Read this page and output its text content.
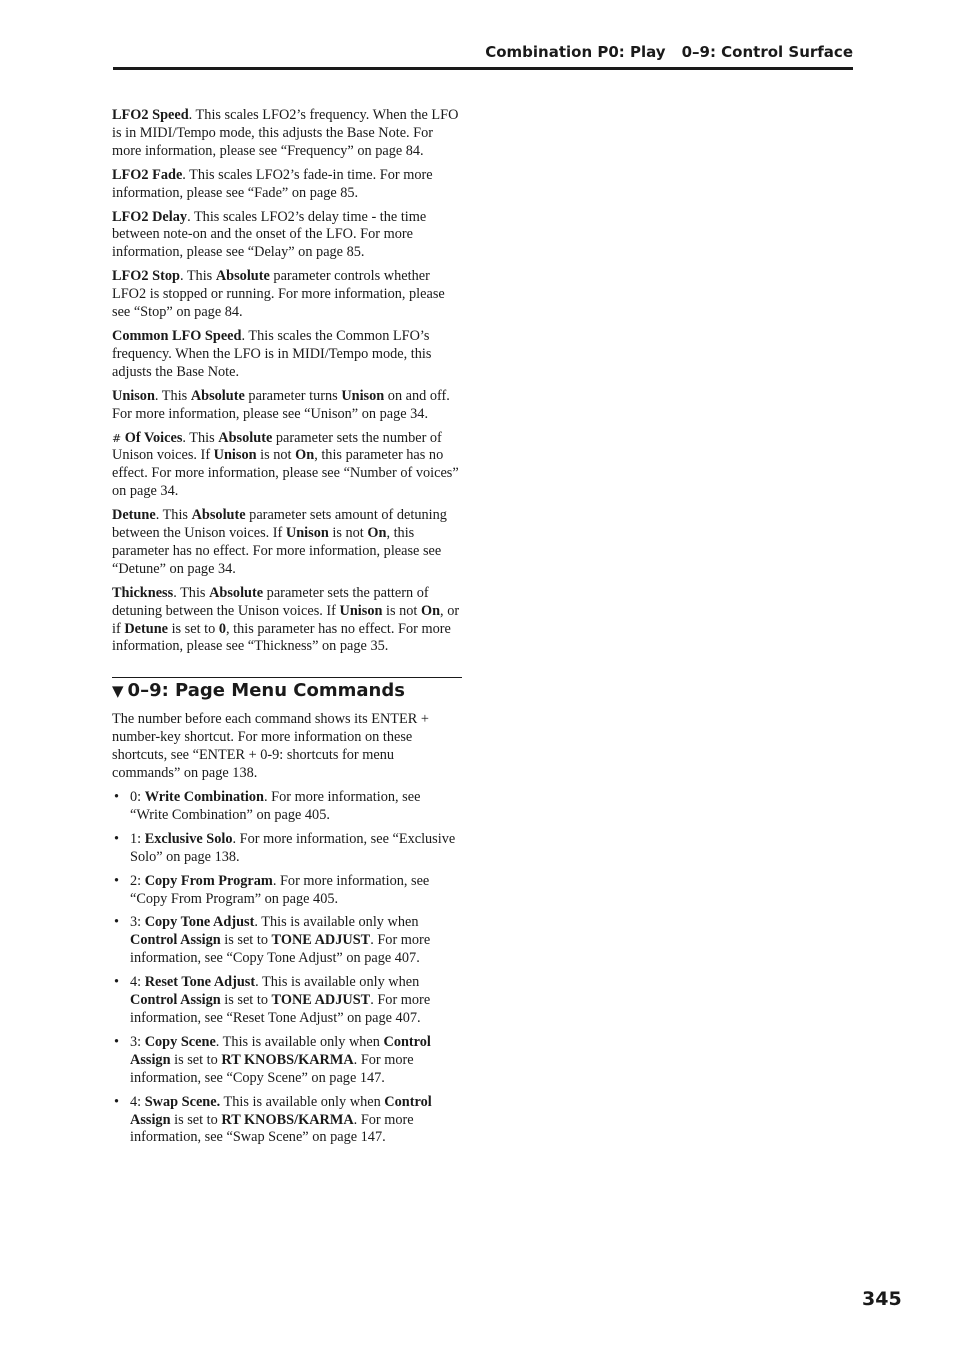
Combination P0: Play 0–9: Control Surface

LFO2 Speed. This scales LFO2’s frequency. When the LFO is in MIDI/Tempo mode, this adjusts the Base Note. For more information, please see “Frequency” on page 84.

LFO2 Fade. This scales LFO2’s fade-in time. For more information, please see “Fade” on page 85.

LFO2 Delay. This scales LFO2’s delay time - the time between note-on and the onset of the LFO. For more information, please see “Delay” on page 85.

LFO2 Stop. This Absolute parameter controls whether LFO2 is stopped or running. For more information, please see “Stop” on page 84.

Common LFO Speed. This scales the Common LFO’s frequency. When the LFO is in MIDI/Tempo mode, this adjusts the Base Note.

Unison. This Absolute parameter turns Unison on and off. For more information, please see “Unison” on page 34.

# Of Voices. This Absolute parameter sets the number of Unison voices. If Unison is not On, this parameter has no effect. For more information, please see “Number of voices” on page 34.

Detune. This Absolute parameter sets amount of detuning between the Unison voices. If Unison is not On, this parameter has no effect. For more information, please see “Detune” on page 34.

Thickness. This Absolute parameter sets the pattern of detuning between the Unison voices. If Unison is not On, or if Detune is set to 0, this parameter has no effect. For more information, please see “Thickness” on page 35.

▼ 0–9: Page Menu Commands

The number before each command shows its ENTER + number-key shortcut. For more information on these shortcuts, see “ENTER + 0-9: shortcuts for menu commands” on page 138.

• 0: Write Combination. For more information, see “Write Combination” on page 405.
• 1: Exclusive Solo. For more information, see “Exclusive Solo” on page 138.
• 2: Copy From Program. For more information, see “Copy From Program” on page 405.
• 3: Copy Tone Adjust. This is available only when Control Assign is set to TONE ADJUST. For more information, see “Copy Tone Adjust” on page 407.
• 4: Reset Tone Adjust. This is available only when Control Assign is set to TONE ADJUST. For more information, see “Reset Tone Adjust” on page 407.
• 3: Copy Scene. This is available only when Control Assign is set to RT KNOBS/KARMA. For more information, see “Copy Scene” on page 147.
• 4: Swap Scene. This is available only when Control Assign is set to RT KNOBS/KARMA. For more information, see “Swap Scene” on page 147.
345
